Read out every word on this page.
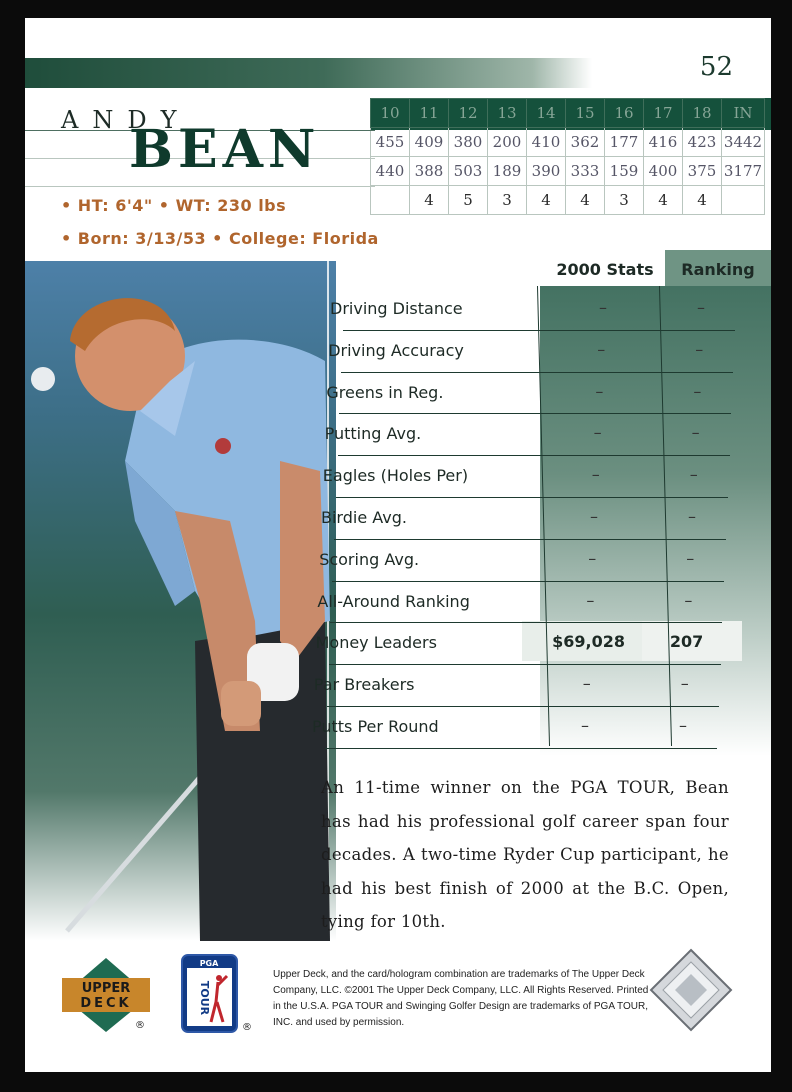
52
10	11	12	13	14	15	16	17	18	IN
455	409	380	200	410	362	177	416	423	3442
440	388	503	189	390	333	159	400	375	3177
	4	5	3	4	4	3	4	4	
ANDY
BEAN
• HT: 6'4" • WT: 230 lbs
• Born: 3/13/53 • College: Florida
2000 Stats	Ranking
Driving Distance	–	–
Driving Accuracy	–	–
Greens in Reg.	–	–
Putting Avg.	–	–
Eagles (Holes Per)	–	–
Birdie Avg.	–	–
Scoring Avg.	–	–
All-Around Ranking	–	–
Money Leaders	$69,028	207
Par Breakers	–	–
Putts Per Round	–	–
An 11-time winner on the PGA TOUR, Bean has had his professional golf career span four decades. A two-time Ryder Cup participant, he had his best finish of 2000 at the B.C. Open, tying for 10th.
UPPER
DECK
®
PGA
TOUR
®
Upper Deck, and the card/hologram combination are trademarks of The Upper Deck Company, LLC. ©2001 The Upper Deck Company, LLC. All Rights Reserved. Printed in the U.S.A. PGA TOUR and Swinging Golfer Design are trademarks of PGA TOUR, INC. and used by permission.
